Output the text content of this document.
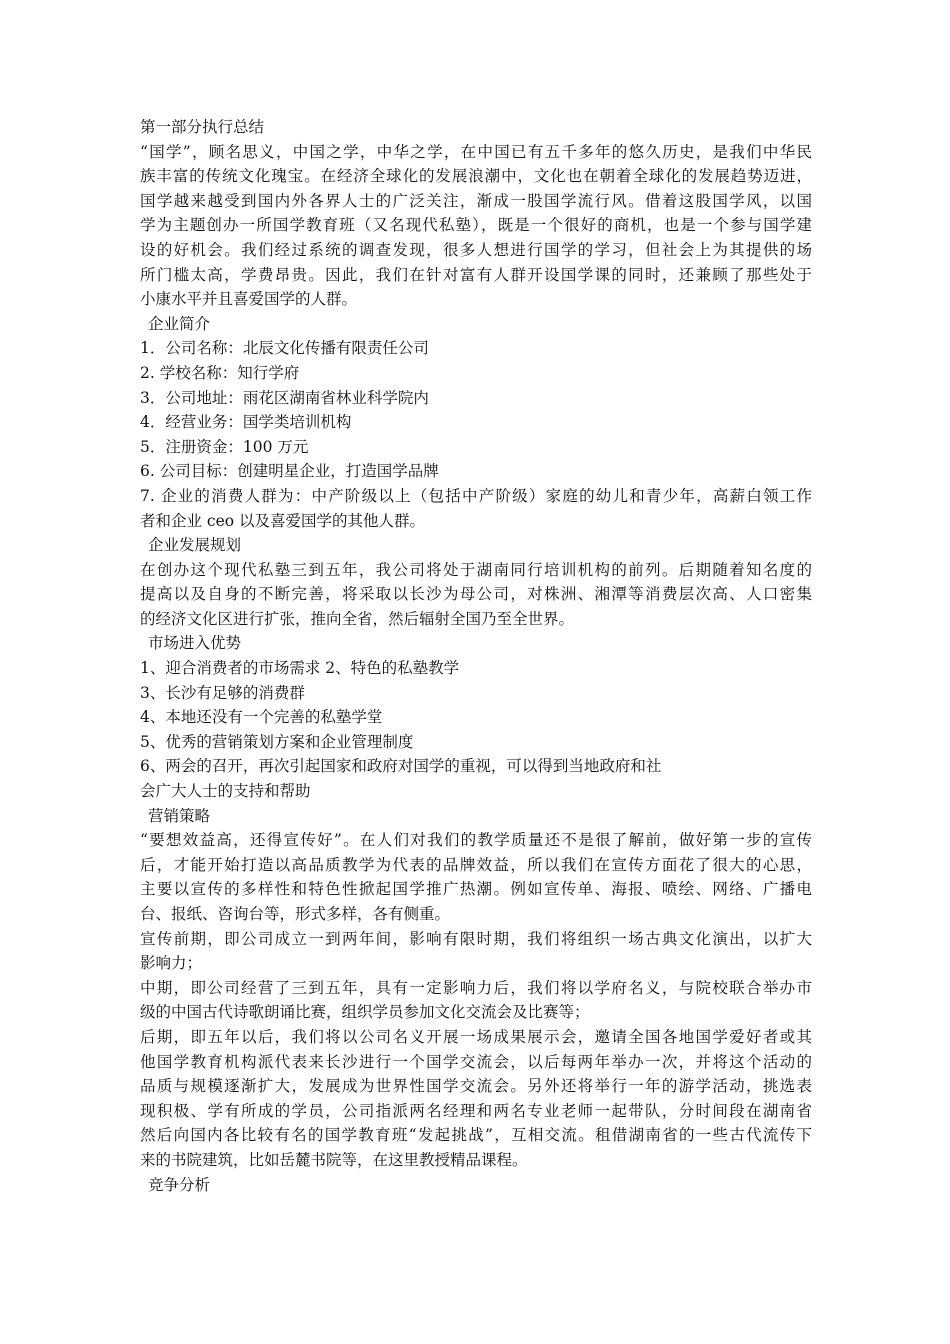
第一部分执行总结
“国学”，顾名思义，中国之学，中华之学，在中国已有五千多年的悠久历史，是我们中华民
族丰富的传统文化瑰宝。在经济全球化的发展浪潮中，文化也在朝着全球化的发展趋势迈进，
国学越来越受到国内外各界人士的广泛关注，渐成一股国学流行风。借着这股国学风，以国
学为主题创办一所国学教育班（又名现代私塾），既是一个很好的商机，也是一个参与国学建
设的好机会。我们经过系统的调查发现，很多人想进行国学的学习，但社会上为其提供的场
所门槛太高，学费昂贵。因此，我们在针对富有人群开设国学课的同时，还兼顾了那些处于
小康水平并且喜爱国学的人群。
企业简介
1．公司名称：北辰文化传播有限责任公司
2. 学校名称：知行学府
3．公司地址：雨花区湖南省林业科学院内
4．经营业务：国学类培训机构
5．注册资金：100 万元
6. 公司目标：创建明星企业，打造国学品牌
7. 企业的消费人群为：中产阶级以上（包括中产阶级）家庭的幼儿和青少年，高薪白领工作
者和企业 ceo 以及喜爱国学的其他人群。
企业发展规划
在创办这个现代私塾三到五年，我公司将处于湖南同行培训机构的前列。后期随着知名度的
提高以及自身的不断完善，将采取以长沙为母公司，对株洲、湘潭等消费层次高、人口密集
的经济文化区进行扩张，推向全省，然后辐射全国乃至全世界。
市场进入优势
1、迎合消费者的市场需求 2、特色的私塾教学
3、长沙有足够的消费群
4、本地还没有一个完善的私塾学堂
5、优秀的营销策划方案和企业管理制度
6、两会的召开，再次引起国家和政府对国学的重视，可以得到当地政府和社
会广大人士的支持和帮助
营销策略
“要想效益高，还得宣传好”。在人们对我们的教学质量还不是很了解前，做好第一步的宣传
后，才能开始打造以高品质教学为代表的品牌效益，所以我们在宣传方面花了很大的心思，
主要以宣传的多样性和特色性掀起国学推广热潮。例如宣传单、海报、喷绘、网络、广播电
台、报纸、咨询台等，形式多样，各有侧重。
宣传前期，即公司成立一到两年间，影响有限时期，我们将组织一场古典文化演出，以扩大
影响力；
中期，即公司经营了三到五年，具有一定影响力后，我们将以学府名义，与院校联合举办市
级的中国古代诗歌朗诵比赛，组织学员参加文化交流会及比赛等；
后期，即五年以后，我们将以公司名义开展一场成果展示会，邀请全国各地国学爱好者或其
他国学教育机构派代表来长沙进行一个国学交流会，以后每两年举办一次，并将这个活动的
品质与规模逐渐扩大，发展成为世界性国学交流会。另外还将举行一年的游学活动，挑选表
现积极、学有所成的学员，公司指派两名经理和两名专业老师一起带队，分时间段在湖南省
然后向国内各比较有名的国学教育班“发起挑战”，互相交流。租借湖南省的一些古代流传下
来的书院建筑，比如岳麓书院等，在这里教授精品课程。
竞争分析
